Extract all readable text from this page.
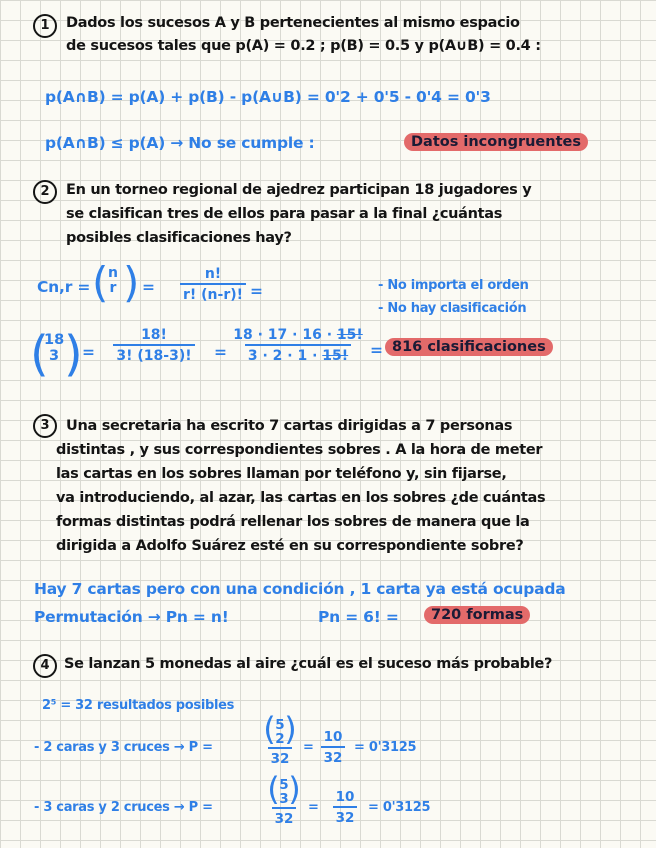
1	Dados los sucesos A y B pertenecientes al mismo espacio
de sucesos tales que p(A) = 0.2 ; p(B) = 0.5 y p(A∪B) = 0.4 :
p(A∩B) = p(A) + p(B) - p(A∪B) = 0'2 + 0'5 - 0'4 = 0'3
p(A∩B) ≤ p(A) → No se cumple :	Datos incongruentes
2	En un torneo regional de ajedrez participan 18 jugadores y
se clasifican tres de ellos para pasar a la final ¿cuántas
posibles clasificaciones hay?
Cn,r = ( n
r ) = $\frac{n!}{r! (n-r)!}$
=	- No importa el orden
- No hay clasificación
(
18
3 ) = $\frac{18!}{3! (18-3)!} = \frac{18 \cdot 17 \cdot 16 \cdot 15!}{3 \cdot 2 \cdot 1 \cdot 15!} = 816$ clasificaciones
3	Una secretaria ha escrito 7 cartas dirigidas a 7 personas
distintas , y sus correspondientes sobres . A la hora de meter
las cartas en los sobres llaman por teléfono y, sin fijarse,
va introduciendo, al azar, las cartas en los sobres ¿de cuántas
formas distintas podrá rellenar los sobres de manera que la
dirigida a Adolfo Suárez esté en su correspondiente sobre?
Hay 7 cartas pero con una condición , 1 carta ya está ocupada
Permutación → Pn = n!	Pn = 6! =	720 formas
4 Se lanzan 5 monedas al aire ¿cuál es el suceso más probable?
2⁵ = 32 resultados posibles
- 2 caras y 3 cruces → P = ( 5
2 )
$32 = \frac{10}{32} = 0'3125$
- 3 caras y 2 cruces → P = ( 5
3 )
$32 = \frac{10}{32} = 0'3125$
